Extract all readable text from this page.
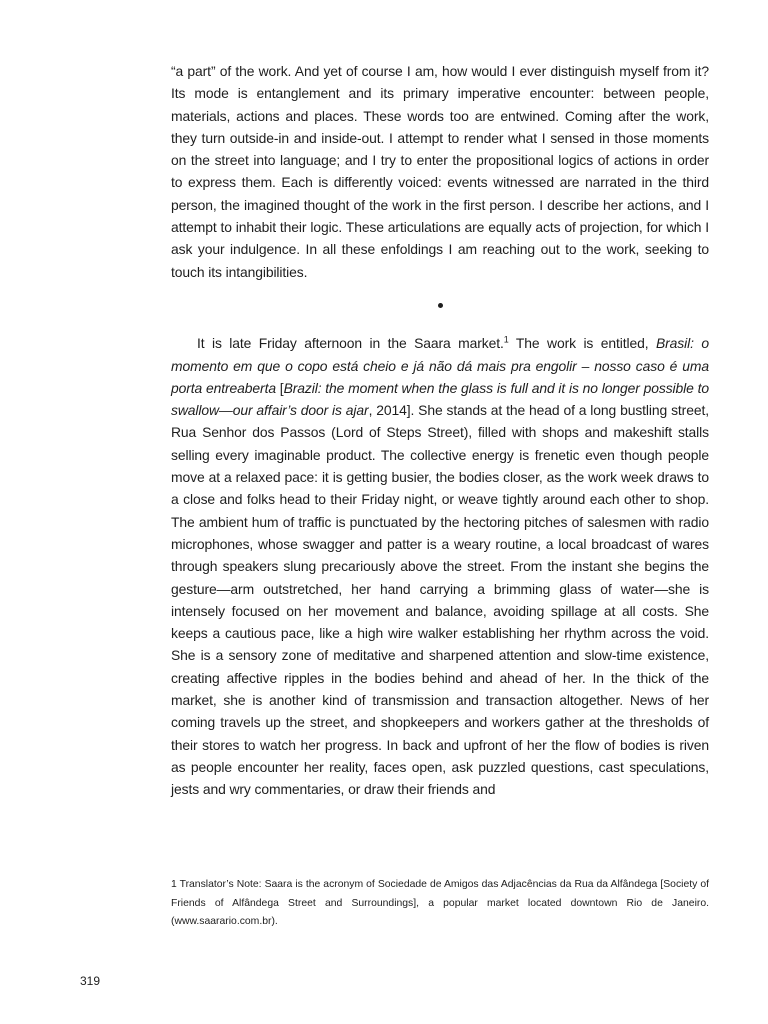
“a part” of the work. And yet of course I am, how would I ever distinguish myself from it? Its mode is entanglement and its primary imperative encounter: between people, materials, actions and places. These words too are entwined. Coming after the work, they turn outside-in and inside-out. I attempt to render what I sensed in those moments on the street into language; and I try to enter the propositional logics of actions in order to express them. Each is differently voiced: events witnessed are narrated in the third person, the imagined thought of the work in the first person. I describe her actions, and I attempt to inhabit their logic. These articulations are equally acts of projection, for which I ask your indulgence. In all these enfoldings I am reaching out to the work, seeking to touch its intangibilities.

It is late Friday afternoon in the Saara market.$^1$ The work is entitled, Brasil: o momento em que o copo está cheio e já não dá mais pra engolir – nosso caso é uma porta entreaberta [Brazil: the moment when the glass is full and it is no longer possible to swallow—our affair’s door is ajar, 2014]. She stands at the head of a long bustling street, Rua Senhor dos Passos (Lord of Steps Street), filled with shops and makeshift stalls selling every imaginable product. The collective energy is frenetic even though people move at a relaxed pace: it is getting busier, the bodies closer, as the work week draws to a close and folks head to their Friday night, or weave tightly around each other to shop. The ambient hum of traffic is punctuated by the hectoring pitches of salesmen with radio microphones, whose swagger and patter is a weary routine, a local broadcast of wares through speakers slung precariously above the street. From the instant she begins the gesture—arm outstretched, her hand carrying a brimming glass of water—she is intensely focused on her movement and balance, avoiding spillage at all costs. She keeps a cautious pace, like a high wire walker establishing her rhythm across the void. She is a sensory zone of meditative and sharpened attention and slow-time existence, creating affective ripples in the bodies behind and ahead of her. In the thick of the market, she is another kind of transmission and transaction altogether. News of her coming travels up the street, and shopkeepers and workers gather at the thresholds of their stores to watch her progress. In back and upfront of her the flow of bodies is riven as people encounter her reality, faces open, ask puzzled questions, cast speculations, jests and wry commentaries, or draw their friends and

1 Translator’s Note: Saara is the acronym of Sociedade de Amigos das Adjacências da Rua da Alfândega [Society of Friends of Alfândega Street and Surroundings], a popular market located downtown Rio de Janeiro. (www.saarario.com.br).

319
